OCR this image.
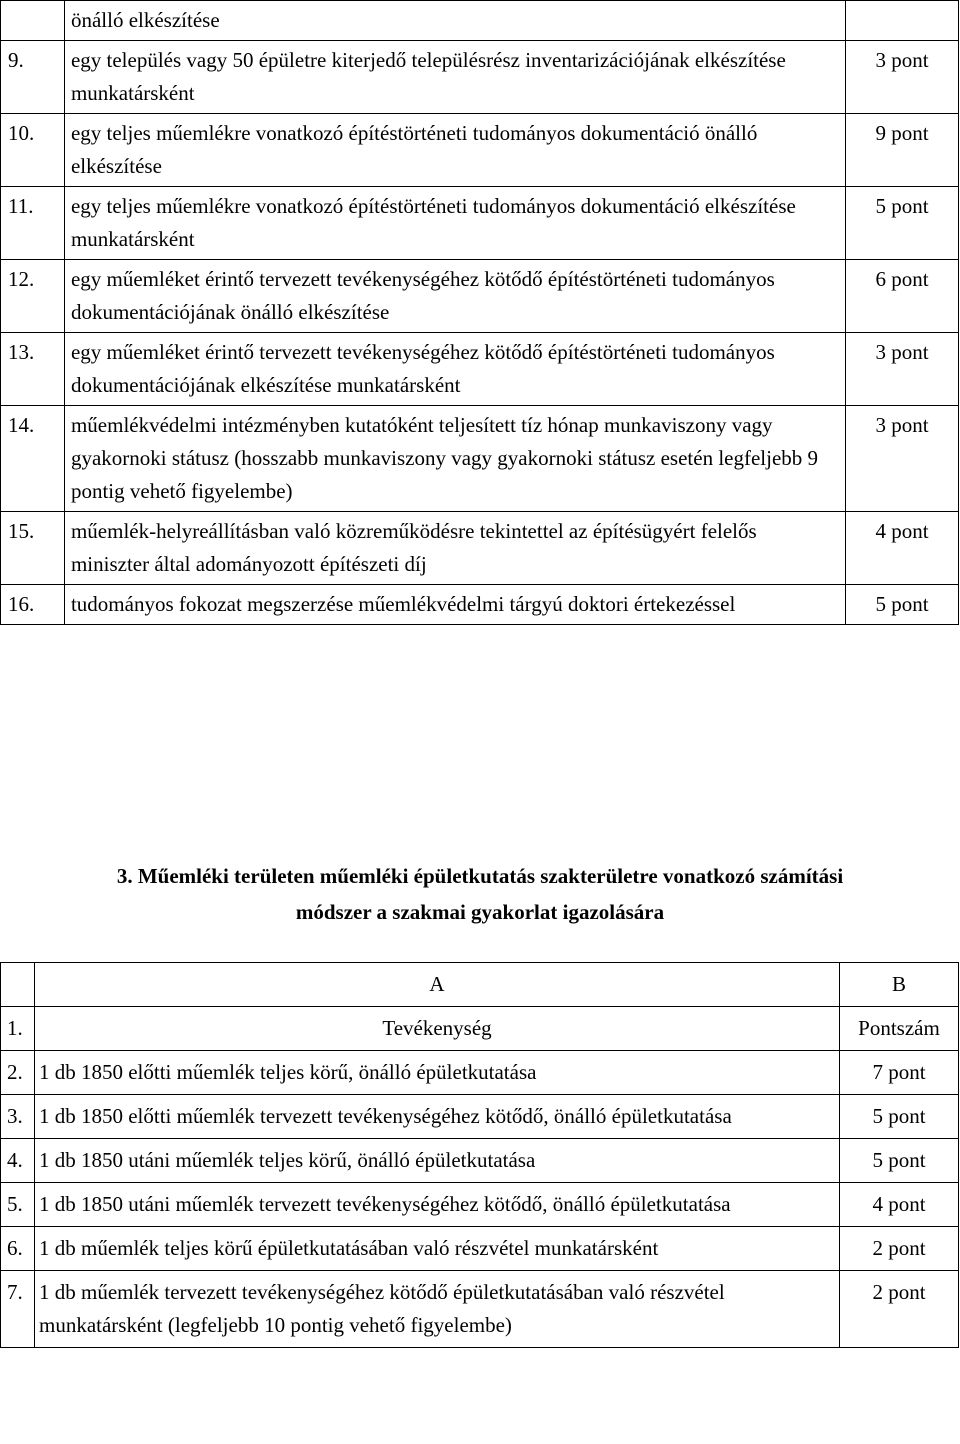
	önálló elkészítése	
9.	egy település vagy 50 épületre kiterjedő településrész inventarizációjának elkészítése munkatársként	3 pont
10.	egy teljes műemlékre vonatkozó építéstörténeti tudományos dokumentáció önálló elkészítése	9 pont
11.	egy teljes műemlékre vonatkozó építéstörténeti tudományos dokumentáció elkészítése munkatársként	5 pont
12.	egy műemléket érintő tervezett tevékenységéhez kötődő építéstörténeti tudományos dokumentációjának önálló elkészítése	6 pont
13.	egy műemléket érintő tervezett tevékenységéhez kötődő építéstörténeti tudományos dokumentációjának elkészítése munkatársként	3 pont
14.	műemlékvédelmi intézményben kutatóként teljesített tíz hónap munkaviszony vagy gyakornoki státusz (hosszabb munkaviszony vagy gyakornoki státusz esetén legfeljebb 9 pontig vehető figyelembe)	3 pont
15.	műemlék-helyreállításban való közreműködésre tekintettel az építésügyért felelős miniszter által adományozott építészeti díj	4 pont
16.	tudományos fokozat megszerzése műemlékvédelmi tárgyú doktori értekezéssel	5 pont
3. Műemléki területen műemléki épületkutatás szakterületre vonatkozó számítási
módszer a szakmai gyakorlat igazolására
	A	B
1.	Tevékenység	Pontszám
2.	1 db 1850 előtti műemlék teljes körű, önálló épületkutatása	7 pont
3.	1 db 1850 előtti műemlék tervezett tevékenységéhez kötődő, önálló épületkutatása	5 pont
4.	1 db 1850 utáni műemlék teljes körű, önálló épületkutatása	5 pont
5.	1 db 1850 utáni műemlék tervezett tevékenységéhez kötődő, önálló épületkutatása	4 pont
6.	1 db műemlék teljes körű épületkutatásában való részvétel munkatársként	2 pont
7.	1 db műemlék tervezett tevékenységéhez kötődő épületkutatásában való részvétel munkatársként (legfeljebb 10 pontig vehető figyelembe)	2 pont
